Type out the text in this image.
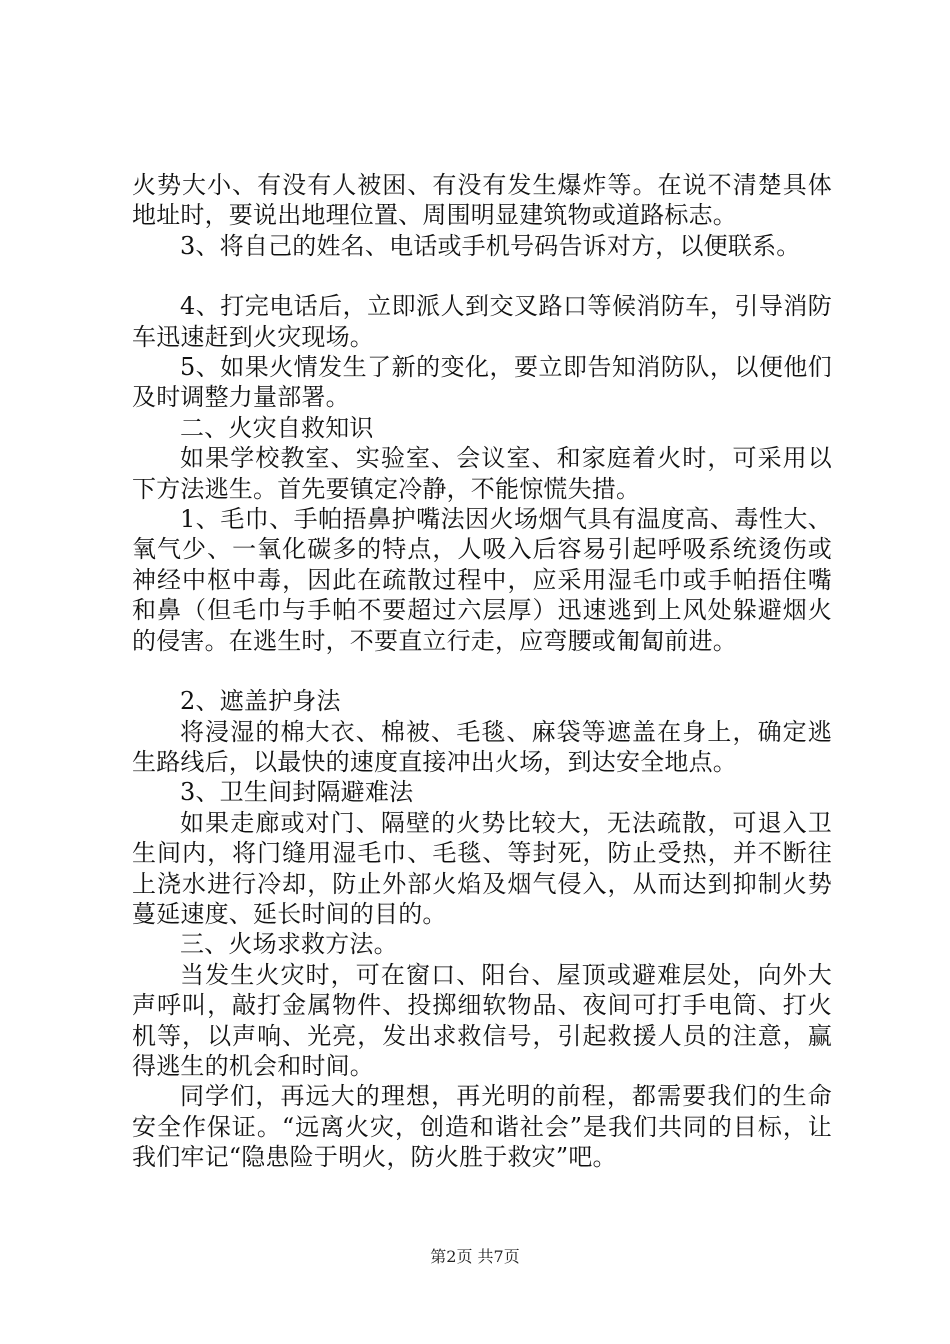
火势大小、有没有人被困、有没有发生爆炸等。在说不清楚具体地址时，要说出地理位置、周围明显建筑物或道路标志。

3、将自己的姓名、电话或手机号码告诉对方，以便联系。

4、打完电话后，立即派人到交叉路口等候消防车，引导消防车迅速赶到火灾现场。

5、如果火情发生了新的变化，要立即告知消防队，以便他们及时调整力量部署。

二、火灾自救知识

如果学校教室、实验室、会议室、和家庭着火时，可采用以下方法逃生。首先要镇定冷静，不能惊慌失措。

1、毛巾、手帕捂鼻护嘴法因火场烟气具有温度高、毒性大、氧气少、一氧化碳多的特点，人吸入后容易引起呼吸系统烫伤或神经中枢中毒，因此在疏散过程中，应采用湿毛巾或手帕捂住嘴和鼻（但毛巾与手帕不要超过六层厚）迅速逃到上风处躲避烟火的侵害。在逃生时，不要直立行走，应弯腰或匍匐前进。

2、遮盖护身法

将浸湿的棉大衣、棉被、毛毯、麻袋等遮盖在身上，确定逃生路线后，以最快的速度直接冲出火场，到达安全地点。

3、卫生间封隔避难法

如果走廊或对门、隔壁的火势比较大，无法疏散，可退入卫生间内，将门缝用湿毛巾、毛毯、等封死，防止受热，并不断往上浇水进行冷却，防止外部火焰及烟气侵入，从而达到抑制火势蔓延速度、延长时间的目的。

三、火场求救方法。

当发生火灾时，可在窗口、阳台、屋顶或避难层处，向外大声呼叫，敲打金属物件、投掷细软物品、夜间可打手电筒、打火机等，以声响、光亮，发出求救信号，引起救援人员的注意，赢得逃生的机会和时间。

同学们，再远大的理想，再光明的前程，都需要我们的生命安全作保证。“远离火灾，创造和谐社会”是我们共同的目标，让我们牢记“隐患险于明火，防火胜于救灾”吧。

第2页 共7页
